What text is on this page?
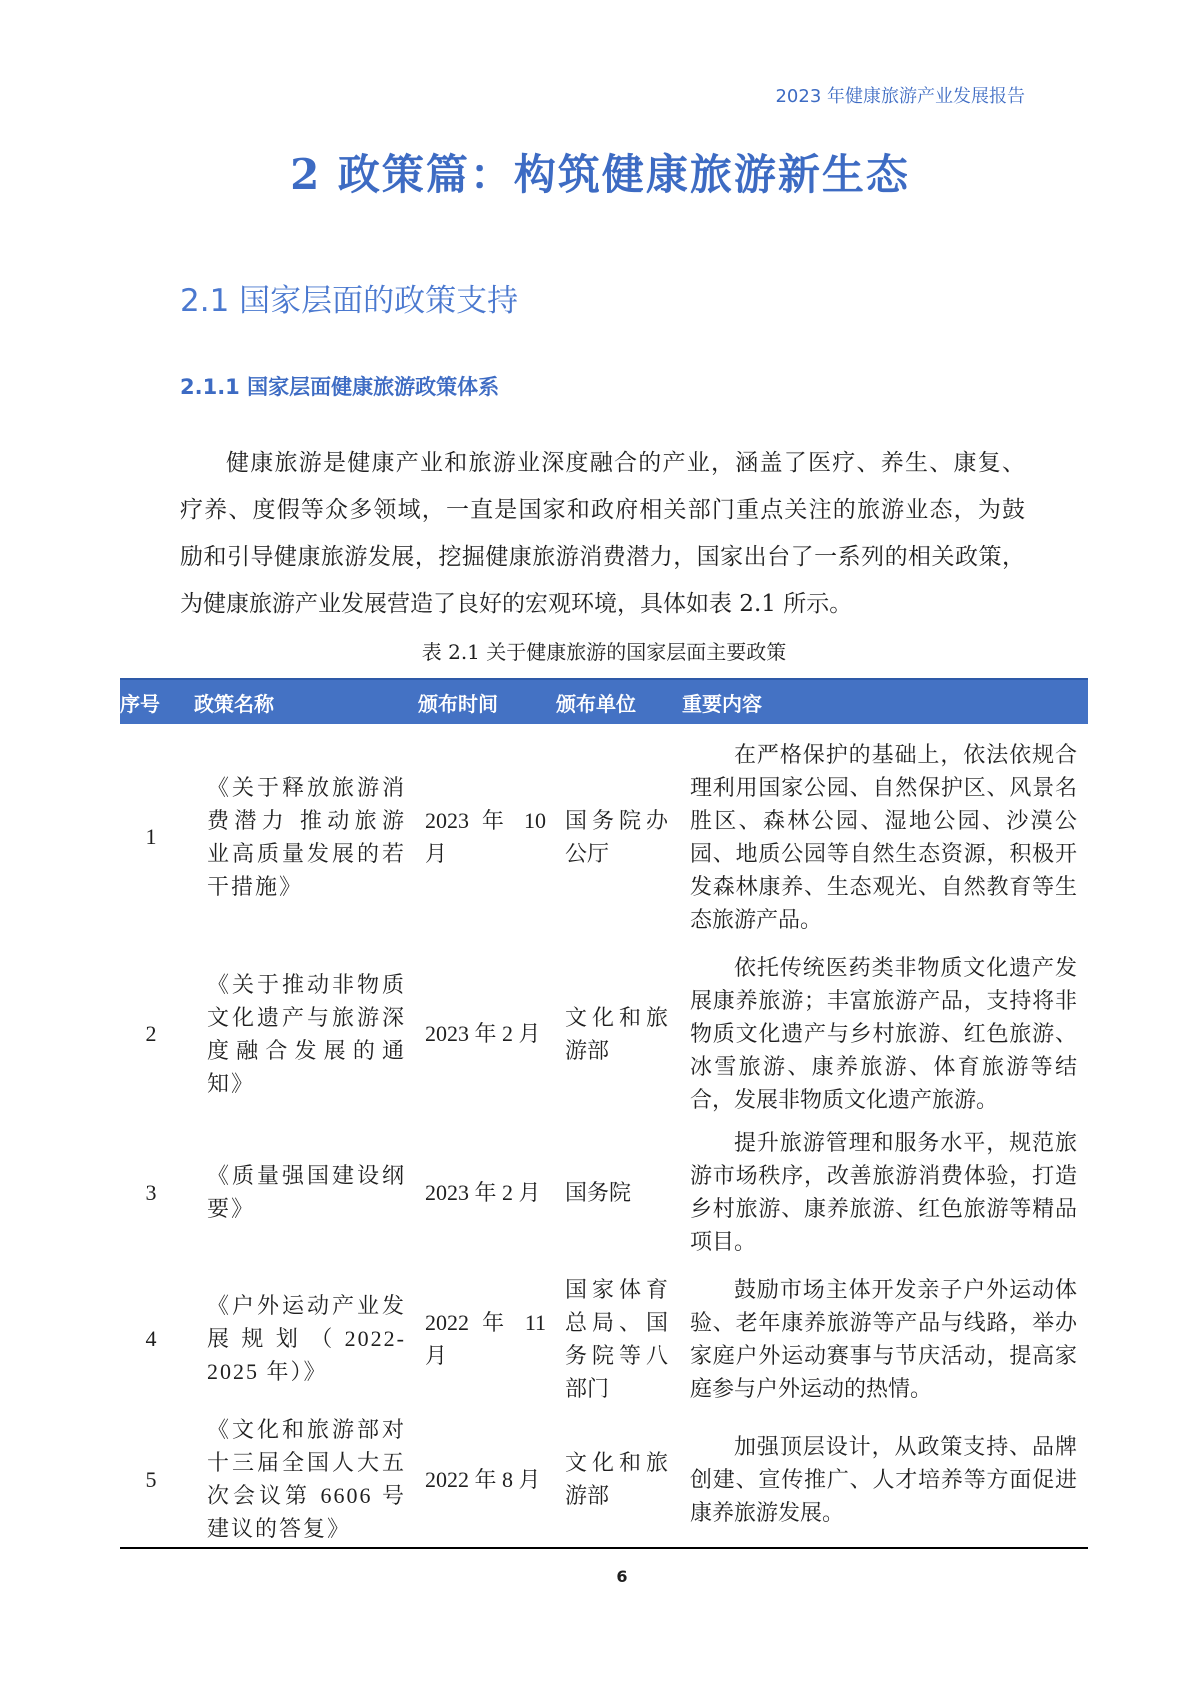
2023 年健康旅游产业发展报告
2 政策篇：构筑健康旅游新生态
2.1 国家层面的政策支持
2.1.1 国家层面健康旅游政策体系
健康旅游是健康产业和旅游业深度融合的产业，涵盖了医疗、养生、康复、
疗养、度假等众多领域，一直是国家和政府相关部门重点关注的旅游业态，为鼓
励和引导健康旅游发展，挖掘健康旅游消费潜力，国家出台了一系列的相关政策，
为健康旅游产业发展营造了良好的宏观环境，具体如表 2.1 所示。
表 2.1 关于健康旅游的国家层面主要政策
序号	政策名称	颁布时间	颁布单位	重要内容
1	《关于释放旅游消费潜力 推动旅游业高质量发展的若干措施》	2023 年 10 月	国务院办公厅	在严格保护的基础上，依法依规合理利用国家公园、自然保护区、风景名胜区、森林公园、湿地公园、沙漠公园、地质公园等自然生态资源，积极开发森林康养、生态观光、自然教育等生态旅游产品。
2	《关于推动非物质文化遗产与旅游深度融合发展的通知》	2023 年 2 月	文化和旅游部	依托传统医药类非物质文化遗产发展康养旅游；丰富旅游产品，支持将非物质文化遗产与乡村旅游、红色旅游、冰雪旅游、康养旅游、体育旅游等结合，发展非物质文化遗产旅游。
3	《质量强国建设纲要》	2023 年 2 月	国务院	提升旅游管理和服务水平，规范旅游市场秩序，改善旅游消费体验，打造乡村旅游、康养旅游、红色旅游等精品项目。
4	《户外运动产业发展规划（2022-2025 年）》	2022 年 11 月	国家体育总局、国务院等八部门	鼓励市场主体开发亲子户外运动体验、老年康养旅游等产品与线路，举办家庭户外运动赛事与节庆活动，提高家庭参与户外运动的热情。
5	《文化和旅游部对十三届全国人大五次会议第 6606 号建议的答复》	2022 年 8 月	文化和旅游部	加强顶层设计，从政策支持、品牌创建、宣传推广、人才培养等方面促进康养旅游发展。
6
